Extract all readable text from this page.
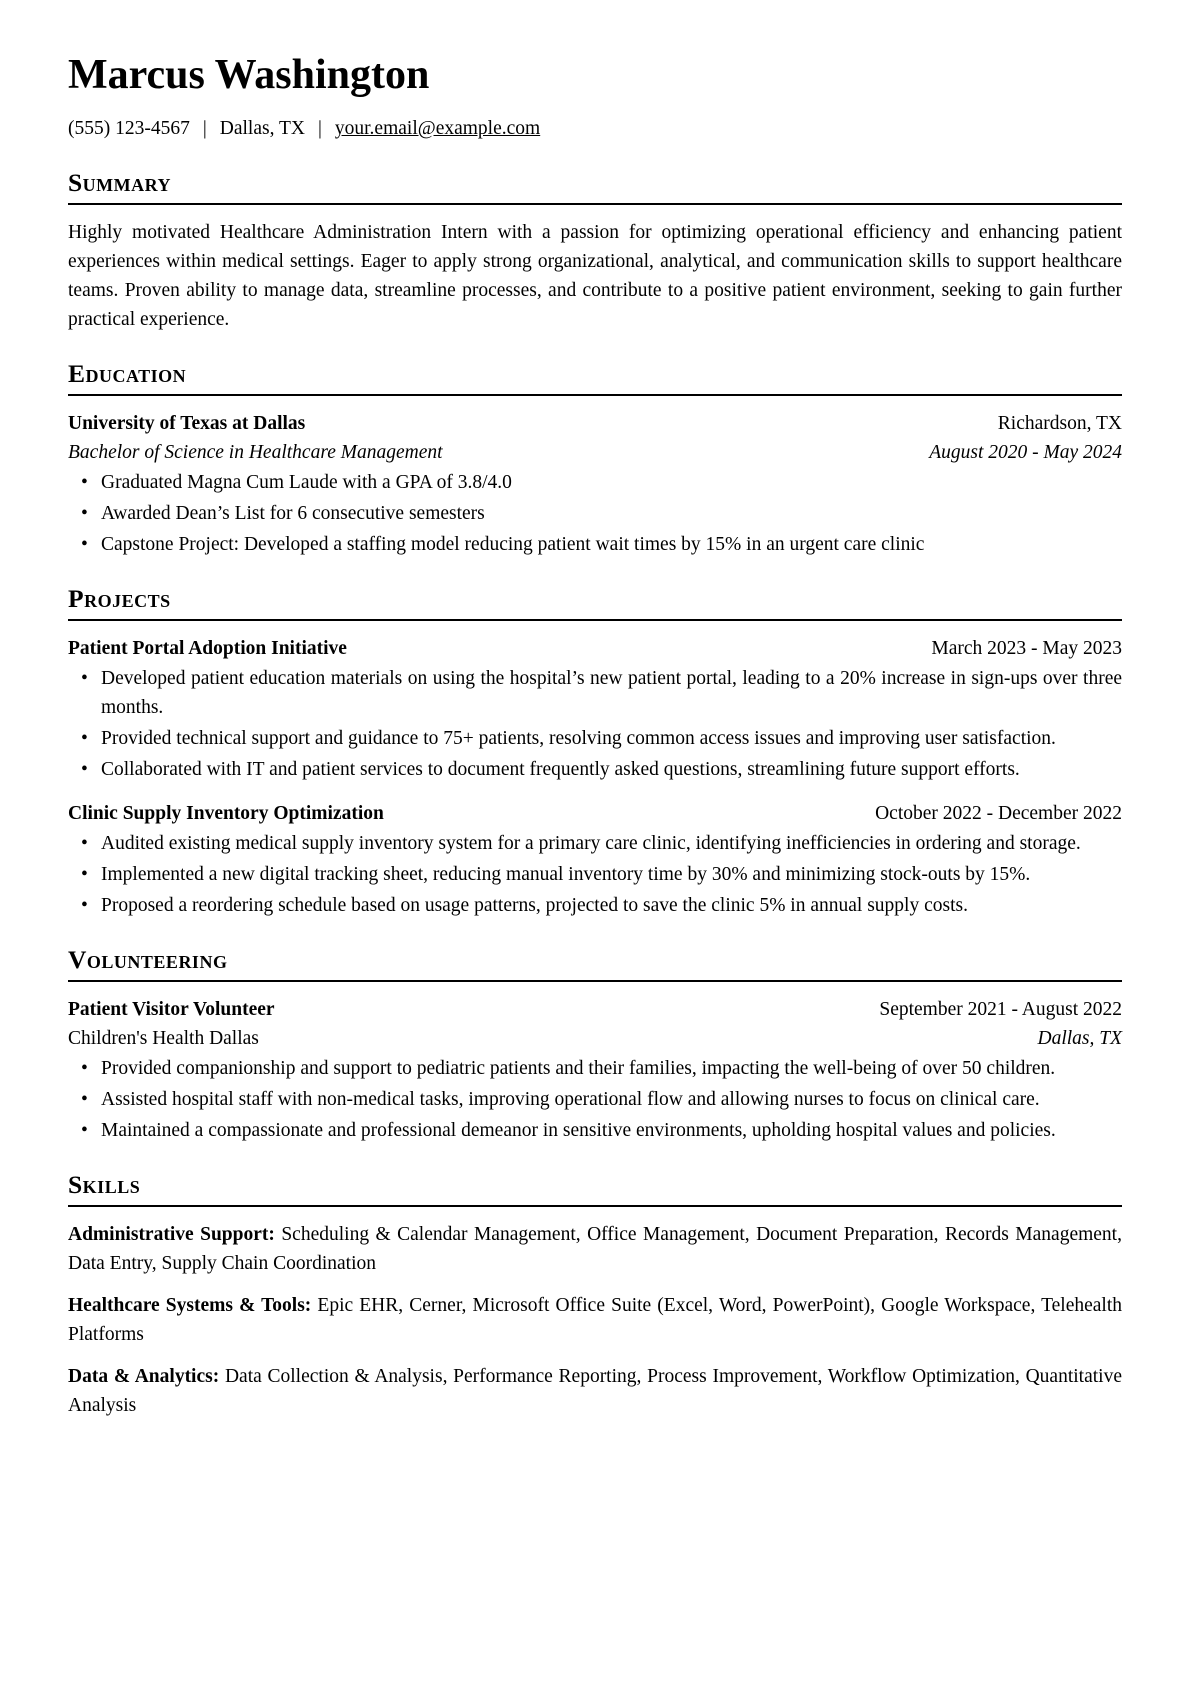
Marcus Washington
(555) 123-4567 | Dallas, TX | your.email@example.com
Summary

Highly motivated Healthcare Administration Intern with a passion for optimizing operational efficiency and enhancing patient experiences within medical settings. Eager to apply strong organizational, analytical, and communication skills to support healthcare teams. Proven ability to manage data, streamline processes, and contribute to a positive patient environment, seeking to gain further practical experience.

Education
University of Texas at Dallas	Richardson, TX
Bachelor of Science in Healthcare Management	August 2020 - May 2024
• Graduated Magna Cum Laude with a GPA of 3.8/4.0
• Awarded Dean’s List for 6 consecutive semesters
• Capstone Project: Developed a staffing model reducing patient wait times by 15% in an urgent care clinic
Projects
Patient Portal Adoption Initiative	March 2023 - May 2023
• Developed patient education materials on using the hospital’s new patient portal, leading to a 20% increase in sign-ups over three months.
• Provided technical support and guidance to 75+ patients, resolving common access issues and improving user satisfaction.
• Collaborated with IT and patient services to document frequently asked questions, streamlining future support efforts.
Clinic Supply Inventory Optimization	October 2022 - December 2022
• Audited existing medical supply inventory system for a primary care clinic, identifying inefficiencies in ordering and storage.
• Implemented a new digital tracking sheet, reducing manual inventory time by 30% and minimizing stock-outs by 15%.
• Proposed a reordering schedule based on usage patterns, projected to save the clinic 5% in annual supply costs.
Volunteering
Patient Visitor Volunteer	September 2021 - August 2022
Children's Health Dallas	Dallas, TX
• Provided companionship and support to pediatric patients and their families, impacting the well-being of over 50 children.
• Assisted hospital staff with non-medical tasks, improving operational flow and allowing nurses to focus on clinical care.
• Maintained a compassionate and professional demeanor in sensitive environments, upholding hospital values and policies.
Skills

Administrative Support: Scheduling & Calendar Management, Office Management, Document Preparation, Records Management, Data Entry, Supply Chain Coordination

Healthcare Systems & Tools: Epic EHR, Cerner, Microsoft Office Suite (Excel, Word, PowerPoint), Google Workspace, Telehealth Platforms

Data & Analytics: Data Collection & Analysis, Performance Reporting, Process Improvement, Workflow Optimization, Quantitative Analysis
